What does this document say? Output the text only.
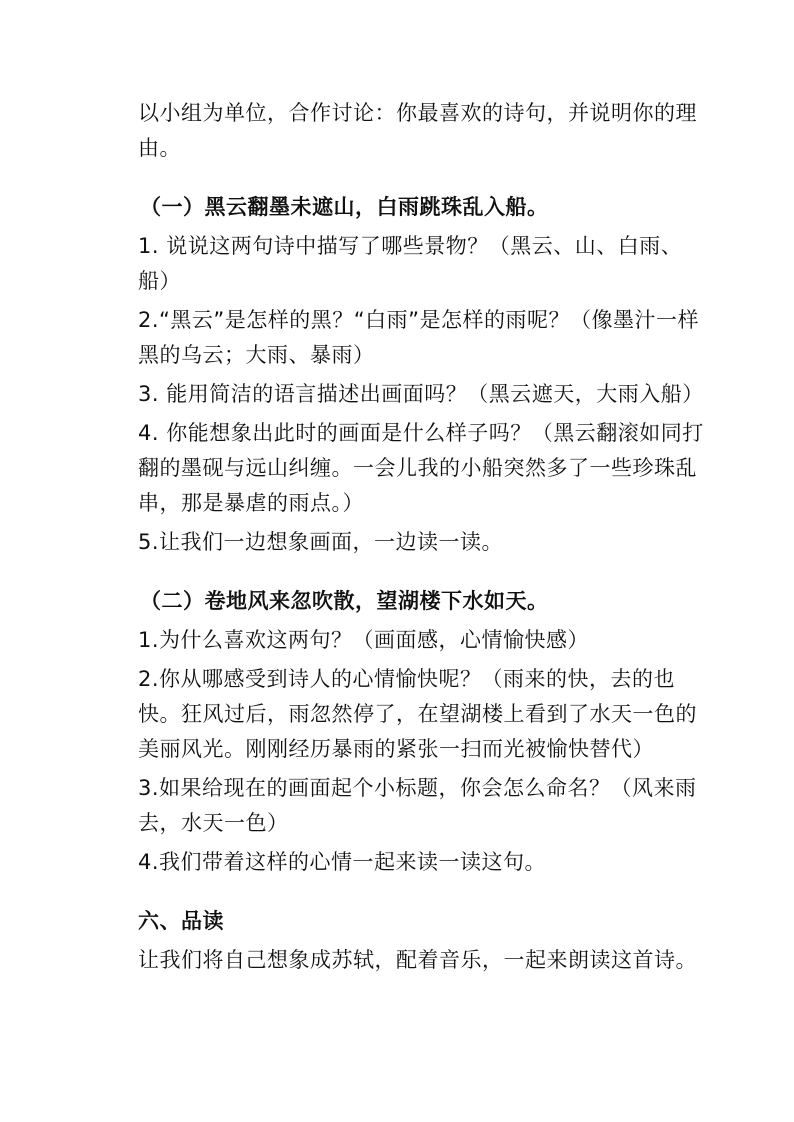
以小组为单位，合作讨论：你最喜欢的诗句，并说明你的理由。

（一）黑云翻墨未遮山，白雨跳珠乱入船。

1. 说说这两句诗中描写了哪些景物？（黑云、山、白雨、船）

2.“黑云”是怎样的黑？“白雨”是怎样的雨呢？（像墨汁一样黑的乌云；大雨、暴雨）

3. 能用简洁的语言描述出画面吗？（黑云遮天，大雨入船）

4. 你能想象出此时的画面是什么样子吗？（黑云翻滚如同打翻的墨砚与远山纠缠。一会儿我的小船突然多了一些珍珠乱串，那是暴虐的雨点。）

5.让我们一边想象画面，一边读一读。

（二）卷地风来忽吹散，望湖楼下水如天。

1.为什么喜欢这两句？（画面感，心情愉快感）

2.你从哪感受到诗人的心情愉快呢？（雨来的快，去的也快。狂风过后，雨忽然停了，在望湖楼上看到了水天一色的美丽风光。刚刚经历暴雨的紧张一扫而光被愉快替代）

3.如果给现在的画面起个小标题，你会怎么命名？（风来雨去，水天一色）

4.我们带着这样的心情一起来读一读这句。

六、品读

让我们将自己想象成苏轼，配着音乐，一起来朗读这首诗。
